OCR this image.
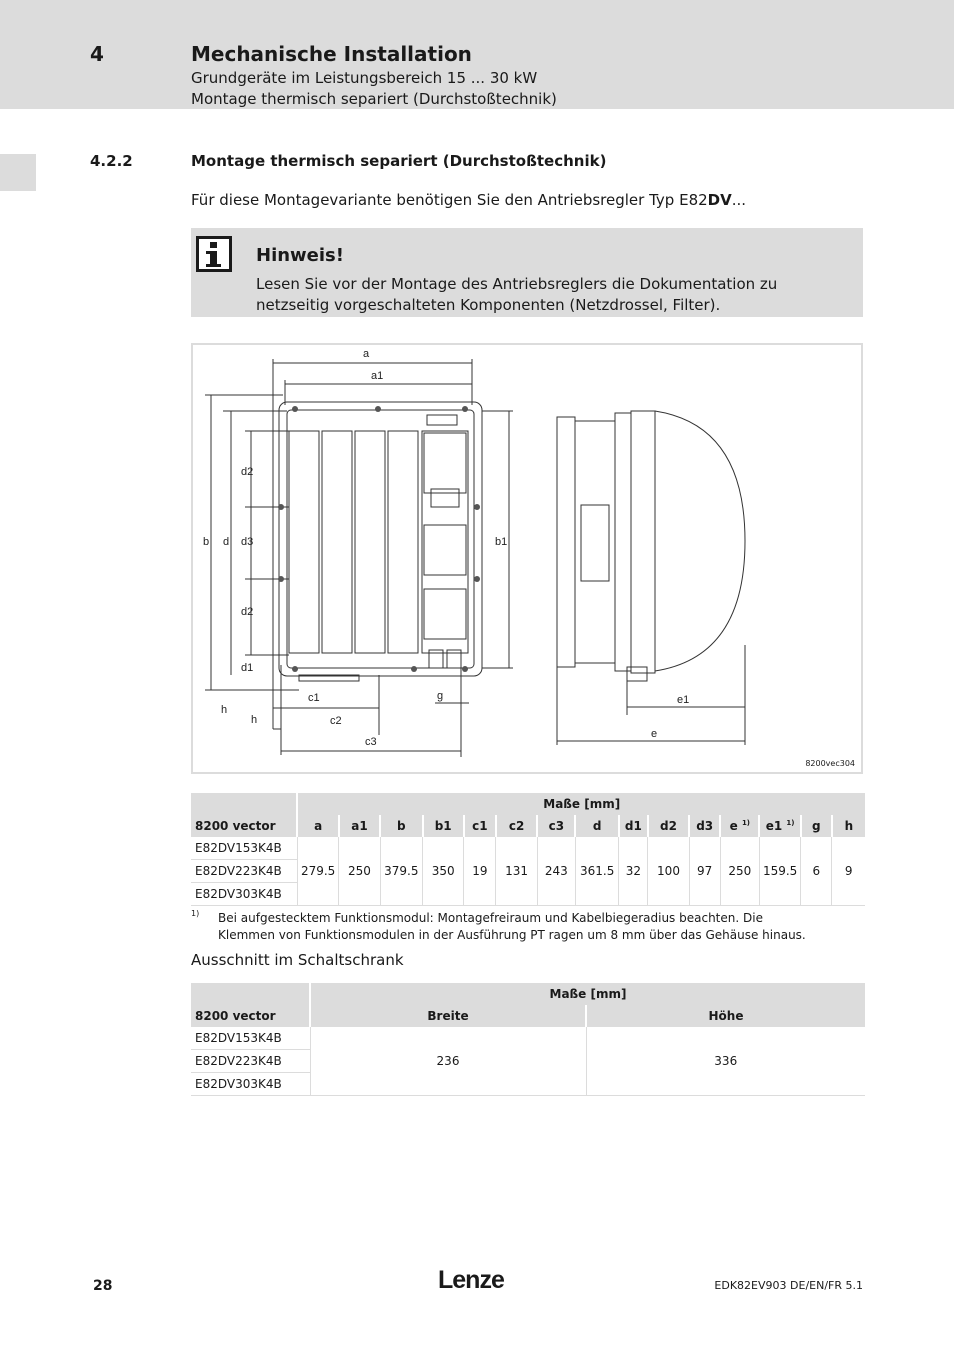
4	Mechanische Installation
Grundgeräte im Leistungsbereich 15 ... 30 kW
Montage thermisch separiert (Durchstoßtechnik)
4.2.2	Montage thermisch separiert (Durchstoßtechnik)
Für diese Montagevariante benötigen Sie den Antriebsregler Typ E82DV...
Hinweis!
Lesen Sie vor der Montage des Antriebsreglers die Dokumentation zu netzseitig vorgeschalteten Komponenten (Netzdrossel, Filter).
a
a1
b d
d2
d3
d2
d1
b1
h
h
c1
c2
c3
g	e1
e
8200vec304
	Maße [mm]														
8200 vector	a	a1	b	b1	c1	c2	c3	d	d1	d2	d3	e $^{1)}$	e1 $^{1)}$	g	h
E82DV153K4B	279.5	250	379.5	350	19	131	243	361.5	32	100	97	250	159.5	6	9
E82DV223K4B															
E82DV303K4B															
1) Bei aufgestecktem Funktionsmodul: Montagefreiraum und Kabelbiegeradius beachten. Die Klemmen von Funktionsmodulen in der Ausführung PT ragen um 8 mm über das Gehäuse hinaus.
Ausschnitt im Schaltschrank
	Maße [mm]	
8200 vector	Breite	Höhe
E82DV153K4B	236	336
E82DV223K4B		
E82DV303K4B		
28	Lenze	EDK82EV903 DE/EN/FR 5.1
